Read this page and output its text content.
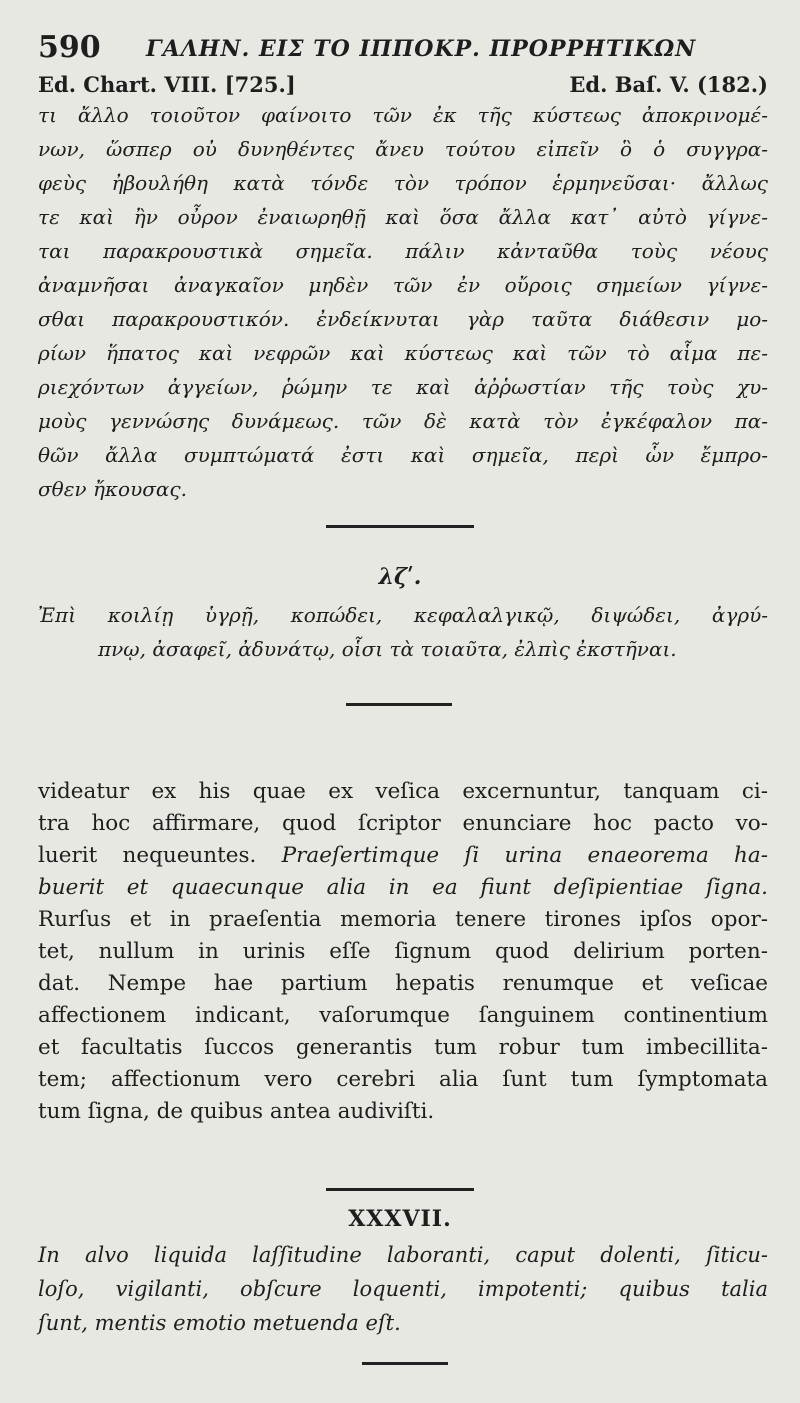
590 ΓΑΛΗΝ. ΕΙΣ ΤΟ ΙΠΠΟΚΡ. ΠΡΟΡΡΗΤΙΚΩΝ
Ed. Chart. VIII. [725.]	Ed. Baſ. V. (182.)
τι ἄλλο τοιοῦτον φαίνοιτο τῶν ἐκ τῆς κύστεως ἀποκρινομέ-
νων, ὥσπερ οὐ δυνηθέντες ἄνευ τούτου εἰπεῖν ὃ ὁ συγγρα-
φεὺς ἠβουλήθη κατὰ τόνδε τὸν τρόπον ἑρμηνεῦσαι· ἄλλως
τε καὶ ἢν οὖρον ἐναιωρηθῇ καὶ ὅσα ἄλλα κατ᾽ αὐτὸ γίγνε-
ται παρακρουστικὰ σημεῖα. πάλιν κἀνταῦθα τοὺς νέους
ἀναμνῆσαι ἀναγκαῖον μηδὲν τῶν ἐν οὔροις σημείων γίγνε-
σθαι παρακρουστικόν. ἐνδείκνυται γὰρ ταῦτα διάθεσιν μο-
ρίων ἥπατος καὶ νεφρῶν καὶ κύστεως καὶ τῶν τὸ αἷμα πε-
ριεχόντων ἀγγείων, ῥώμην τε καὶ ἀῤῥωστίαν τῆς τοὺς χυ-
μοὺς γεννώσης δυνάμεως. τῶν δὲ κατὰ τὸν ἐγκέφαλον πα-
θῶν ἄλλα συμπτώματά ἐστι καὶ σημεῖα, περὶ ὧν ἔμπρο-
σθεν ἤκουσας.
λζʹ.
Ἐπὶ κοιλίῃ ὑγρῇ, κοπώδει, κεφαλαλγικῷ, διψώδει, ἀγρύ-
πνῳ, ἀσαφεῖ, ἀδυνάτῳ, οἷσι τὰ τοιαῦτα, ἐλπὶς ἐκστῆναι.
videatur ex his quae ex veſica excernuntur, tanquam ci-
tra hoc affirmare, quod ſcriptor enunciare hoc pacto vo-
luerit nequeuntes. Praeſertimque ſi urina enaeorema ha-
buerit et quaecunque alia in ea fiunt deſipientiae ſigna.
Rurſus et in praeſentia memoria tenere tirones ipſos opor-
tet, nullum in urinis eſſe ſignum quod delirium porten-
dat. Nempe hae partium hepatis renumque et veſicae
affectionem indicant, vaſorumque ſanguinem continentium
et facultatis ſuccos generantis tum robur tum imbecillita-
tem; affectionum vero cerebri alia ſunt tum ſymptomata
tum ſigna, de quibus antea audiviſti.
XXXVII.
In alvo liquida laſſitudine laboranti, caput dolenti, ſiticu-
loſo, vigilanti, obſcure loquenti, impotenti; quibus talia
ſunt, mentis emotio metuenda eſt.
